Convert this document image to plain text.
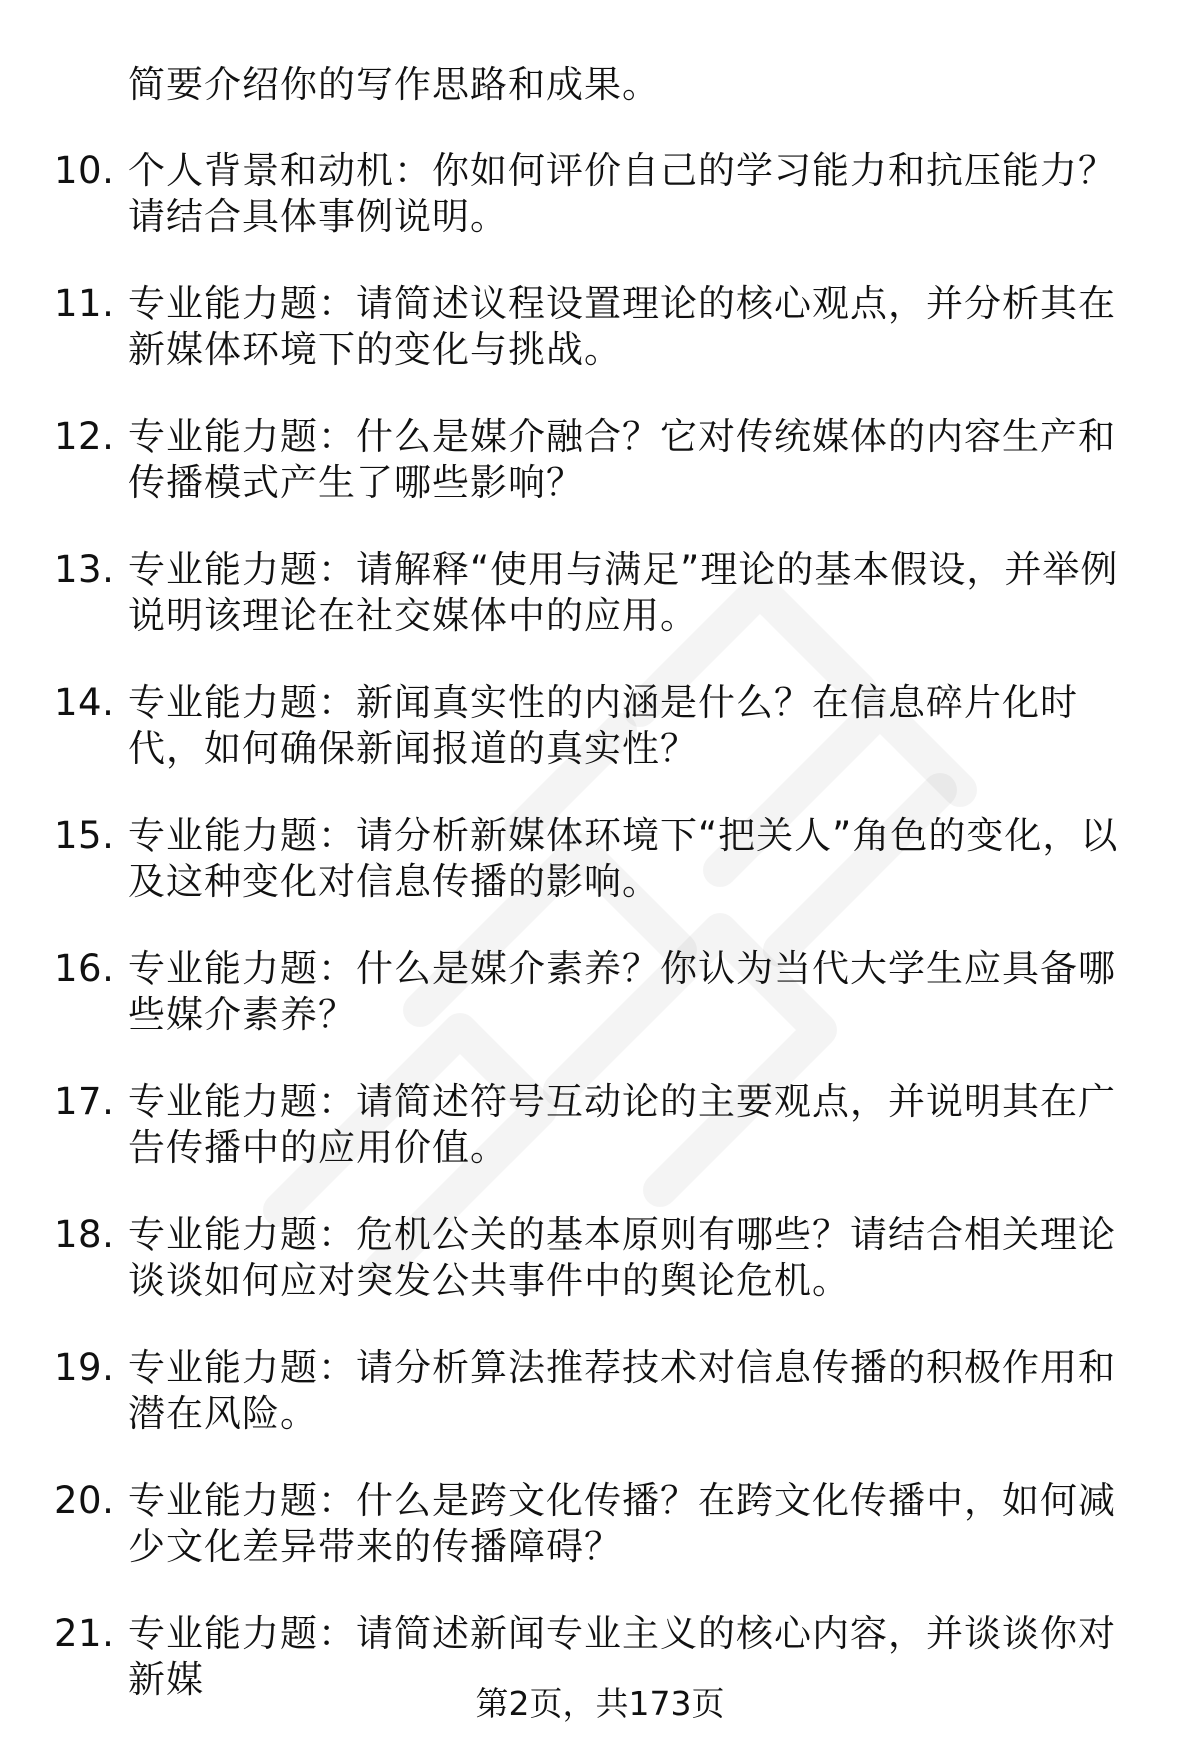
简要介绍你的写作思路和成果。
10. 个人背景和动机：你如何评价自己的学习能力和抗压能力？请结合具体事例说明。
11. 专业能力题：请简述议程设置理论的核心观点，并分析其在新媒体环境下的变化与挑战。
12. 专业能力题：什么是媒介融合？它对传统媒体的内容生产和传播模式产生了哪些影响？
13. 专业能力题：请解释“使用与满足”理论的基本假设，并举例说明该理论在社交媒体中的应用。
14. 专业能力题：新闻真实性的内涵是什么？在信息碎片化时代，如何确保新闻报道的真实性？
15. 专业能力题：请分析新媒体环境下“把关人”角色的变化，以及这种变化对信息传播的影响。
16. 专业能力题：什么是媒介素养？你认为当代大学生应具备哪些媒介素养？
17. 专业能力题：请简述符号互动论的主要观点，并说明其在广告传播中的应用价值。
18. 专业能力题：危机公关的基本原则有哪些？请结合相关理论谈谈如何应对突发公共事件中的舆论危机。
19. 专业能力题：请分析算法推荐技术对信息传播的积极作用和潜在风险。
20. 专业能力题：什么是跨文化传播？在跨文化传播中，如何减少文化差异带来的传播障碍？
21. 专业能力题：请简述新闻专业主义的核心内容，并谈谈你对新媒
第2页，共173页
